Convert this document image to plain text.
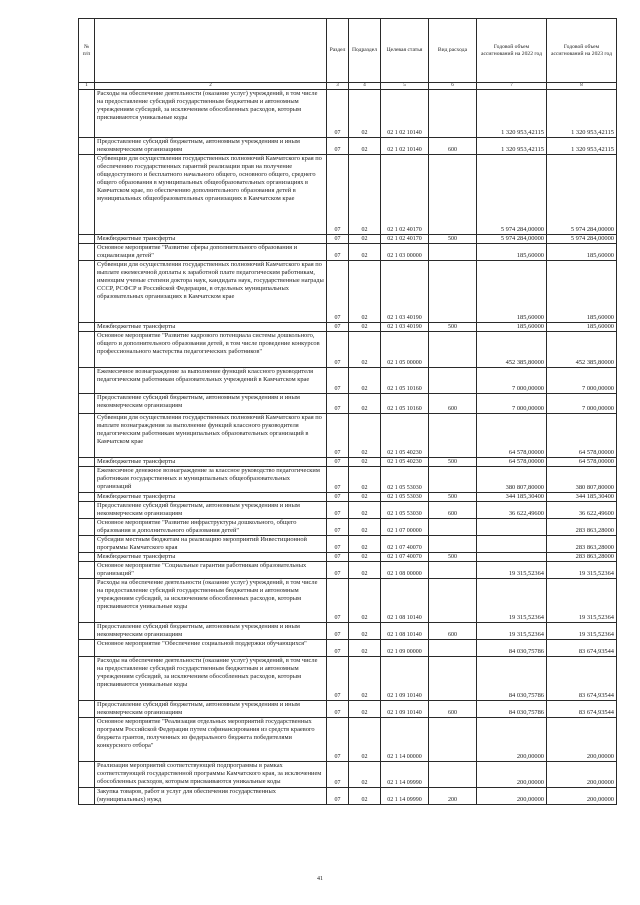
№ п/п		Раздел	Подраздел	Целевая статья	Вид расхода	Годовой объем ассигнований на 2022 год	Годовой объем ассигнований на 2023 год
1	2	3	4	5	6	7	8
	Расходы на обеспечение деятельности (оказание услуг) учреждений, в том числе на предоставление субсидий государственным бюджетным и автономным учреждениям субсидий, за исключением обособленных расходов, которым присваиваются уникальные коды	07	02	02 1 02 10140		1 320 953,42115	1 320 953,42115
	Предоставление субсидий бюджетным, автономным учреждениям и иным некоммерческим организациям	07	02	02 1 02 10140	600	1 320 953,42115	1 320 953,42115
	Субвенции для осуществления государственных полномочий Камчатского края по обеспечению государственных гарантий реализации прав на получение общедоступного и бесплатного начального общего, основного общего, среднего общего образования в муниципальных общеобразовательных организациях в Камчатском крае, по обеспечению дополнительного образования детей в муниципальных общеобразовательных организациях в Камчатском крае	07	02	02 1 02 40170		5 974 284,00000	5 974 284,00000
	Межбюджетные трансферты	07	02	02 1 02 40170	500	5 974 284,00000	5 974 284,00000
	Основное мероприятие "Развитие сферы дополнительного образования и социализация детей"	07	02	02 1 03 00000		185,60000	185,60000
	Субвенции для осуществления государственных полномочий Камчатского края по выплате ежемесячной доплаты к заработной плате педагогическим работникам, имеющим ученые степени доктора наук, кандидата наук, государственные награды СССР, РСФСР и Российской Федерации, в отдельных муниципальных образовательных организациях в Камчатском крае	07	02	02 1 03 40190		185,60000	185,60000
	Межбюджетные трансферты	07	02	02 1 03 40190	500	185,60000	185,60000
	Основное мероприятие "Развитие кадрового потенциала системы дошкольного, общего и дополнительного образования детей, в том числе проведение конкурсов профессионального мастерства педагогических работников"	07	02	02 1 05 00000		452 385,80000	452 385,80000
	Ежемесячное вознаграждение за выполнение функций классного руководителя педагогическим работникам образовательных учреждений в Камчатском крае	07	02	02 1 05 10160		7 000,00000	7 000,00000
	Предоставление субсидий бюджетным, автономным учреждениям и иным некоммерческим организациям	07	02	02 1 05 10160	600	7 000,00000	7 000,00000
	Субвенции для осуществления государственных полномочий Камчатского края по выплате вознаграждения за выполнение функций классного руководителя педагогическим работникам муниципальных образовательных организаций в Камчатском крае	07	02	02 1 05 40230		64 578,00000	64 578,00000
	Межбюджетные трансферты	07	02	02 1 05 40230	500	64 578,00000	64 578,00000
	Ежемесячное денежное вознаграждение за классное руководство педагогическим работникам государственных и муниципальных общеобразовательных организаций	07	02	02 1 05 53030		380 807,80000	380 807,80000
	Межбюджетные трансферты	07	02	02 1 05 53030	500	344 185,30400	344 185,30400
	Предоставление субсидий бюджетным, автономным учреждениям и иным некоммерческим организациям	07	02	02 1 05 53030	600	36 622,49600	36 622,49600
	Основное мероприятие "Развитие инфраструктуры дошкольного, общего образования и дополнительного образования детей"	07	02	02 1 07 00000			283 863,28000
	Субсидии местным бюджетам на реализацию мероприятий Инвестиционной программы Камчатского края	07	02	02 1 07 40070			283 863,28000
	Межбюджетные трансферты	07	02	02 1 07 40070	500		283 863,28000
	Основное мероприятие "Социальные гарантии работникам образовательных организаций"	07	02	02 1 08 00000		19 315,52364	19 315,52364
	Расходы на обеспечение деятельности (оказание услуг) учреждений, в том числе на предоставление субсидий государственным бюджетным и автономным учреждениям субсидий, за исключением обособленных расходов, которым присваиваются уникальные коды	07	02	02 1 08 10140		19 315,52364	19 315,52364
	Предоставление субсидий бюджетным, автономным учреждениям и иным некоммерческим организациям	07	02	02 1 08 10140	600	19 315,52364	19 315,52364
	Основное мероприятие "Обеспечение социальной поддержки обучающихся"	07	02	02 1 09 00000		84 030,75786	83 674,93544
	Расходы на обеспечение деятельности (оказание услуг) учреждений, в том числе на предоставление субсидий государственным бюджетным и автономным учреждениям субсидий, за исключением обособленных расходов, которым присваиваются уникальные коды	07	02	02 1 09 10140		84 030,75786	83 674,93544
	Предоставление субсидий бюджетным, автономным учреждениям и иным некоммерческим организациям	07	02	02 1 09 10140	600	84 030,75786	83 674,93544
	Основное мероприятие "Реализация отдельных мероприятий государственных программ Российской Федерации путем софинансирования из средств краевого бюджета грантов, полученных из федерального бюджета победителями конкурсного отбора"	07	02	02 1 14 00000		200,00000	200,00000
	Реализация мероприятий соответствующей подпрограммы в рамках соответствующей государственной программы Камчатского края, за исключением обособленных расходов, которым присваиваются уникальные коды	07	02	02 1 14 09990		200,00000	200,00000
	Закупка товаров, работ и услуг для обеспечения государственных (муниципальных) нужд	07	02	02 1 14 09990	200	200,00000	200,00000
41
